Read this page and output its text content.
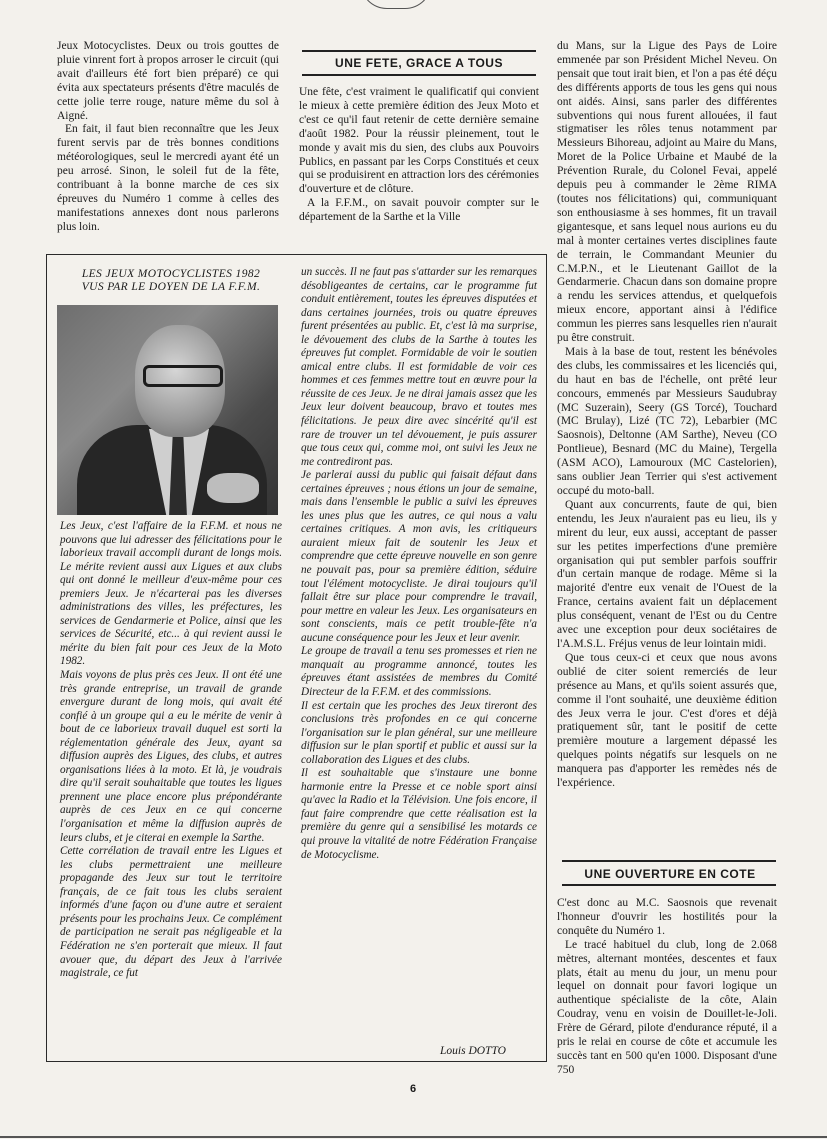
Jeux Motocyclistes. Deux ou trois gouttes de pluie vinrent fort à propos arroser le circuit (qui avait d'ailleurs été fort bien préparé) ce qui évita aux spectateurs présents d'être maculés de cette jolie terre rouge, nature même du sol à Aigné.

En fait, il faut bien reconnaître que les Jeux furent servis par de très bonnes conditions météorologiques, seul le mercredi ayant été un peu arrosé. Sinon, le soleil fut de la fête, contribuant à la bonne marche de ces six épreuves du Numéro 1 comme à celles des manifestations annexes dont nous parlerons plus loin.

UNE FETE, GRACE A TOUS

Une fête, c'est vraiment le qualificatif qui convient le mieux à cette première édition des Jeux Moto et c'est ce qu'il faut retenir de cette dernière semaine d'août 1982. Pour la réussir pleinement, tout le monde y avait mis du sien, des clubs aux Pouvoirs Publics, en passant par les Corps Constitués et ceux qui se produisirent en attraction lors des cérémonies d'ouverture et de clôture.

A la F.F.M., on savait pouvoir compter sur le département de la Sarthe et la Ville

du Mans, sur la Ligue des Pays de Loire emmenée par son Président Michel Neveu. On pensait que tout irait bien, et l'on a pas été déçu des différents apports de tous les gens qui nous ont aidés. Ainsi, sans parler des différentes subventions qui nous furent allouées, il faut stigmatiser les rôles tenus notamment par Messieurs Bihoreau, adjoint au Maire du Mans, Moret de la Police Urbaine et Maubé de la Prévention Rurale, du Colonel Fevai, appelé depuis peu à commander le 2ème RIMA (toutes nos félicitations) qui, communiquant son enthousiasme à ses hommes, fit un travail gigantesque, et sans lequel nous aurions eu du mal à monter certaines vertes disciplines faute de terrain, le Commandant Meunier du C.M.P.N., et le Lieutenant Gaillot de la Gendarmerie. Chacun dans son domaine propre a rendu les services attendus, et quelquefois mieux encore, apportant ainsi à l'édifice commun les pierres sans lesquelles rien n'aurait pu être construit.

Mais à la base de tout, restent les bénévoles des clubs, les commissaires et les licenciés qui, du haut en bas de l'échelle, ont prêté leur concours, emmenés par Messieurs Saudubray (MC Suzerain), Seery (GS Torcé), Touchard (MC Brulay), Lizé (TC 72), Lebarbier (MC Saosnois), Deltonne (AM Sarthe), Neveu (CO Pontlieue), Besnard (MC du Maine), Tergella (ASM ACO), Lamouroux (MC Castelorien), sans oublier Jean Terrier qui s'est activement occupé du moto-ball.

Quant aux concurrents, faute de qui, bien entendu, les Jeux n'auraient pas eu lieu, ils y mirent du leur, eux aussi, acceptant de passer sur les petites imperfections d'une première organisation qui put sembler parfois souffrir d'un certain manque de rodage. Même si la majorité d'entre eux venait de l'Ouest de la France, certains avaient fait un déplacement plus conséquent, venant de l'Est ou du Centre avec une exception pour deux sociétaires de l'A.M.S.L. Fréjus venus de leur lointain midi.

Que tous ceux-ci et ceux que nous avons oublié de citer soient remerciés de leur présence au Mans, et qu'ils soient assurés que, comme il l'ont souhaité, une deuxième édition des Jeux verra le jour. C'est d'ores et déjà pratiquement sûr, tant le positif de cette première mouture a largement dépassé les quelques points négatifs sur lesquels on ne manquera pas d'apporter les remèdes nés de l'expérience.

UNE OUVERTURE EN COTE

C'est donc au M.C. Saosnois que revenait l'honneur d'ouvrir les hostilités pour la conquête du Numéro 1.

Le tracé habituel du club, long de 2.068 mètres, alternant montées, descentes et faux plats, était au menu du jour, un menu pour lequel on donnait pour favori logique un authentique spécialiste de la côte, Alain Coudray, venu en voisin de Douillet-le-Joli. Frère de Gérard, pilote d'endurance réputé, il a pris le relai en course de côte et accumule les succès tant en 500 qu'en 1000. Disposant d'une 750

LES JEUX MOTOCYCLISTES 1982
VUS PAR LE DOYEN DE LA F.F.M.

Les Jeux, c'est l'affaire de la F.F.M. et nous ne pouvons que lui adresser des félicitations pour le laborieux travail accompli durant de longs mois. Le mérite revient aussi aux Ligues et aux clubs qui ont donné le meilleur d'eux-même pour ces premiers Jeux. Je n'écarterai pas les diverses administrations des villes, les préfectures, les services de Gendarmerie et Police, ainsi que les services de Sécurité, etc... à qui revient aussi le mérite du bien fait pour ces Jeux de la Moto 1982.

Mais voyons de plus près ces Jeux. Il ont été une très grande entreprise, un travail de grande envergure durant de long mois, qui avait été confié à un groupe qui a eu le mérite de venir à bout de ce laborieux travail duquel est sorti la réglementation générale des Jeux, ayant sa diffusion auprès des Ligues, des clubs, et autres organisations liées à la moto. Et là, je voudrais dire qu'il serait souhaitable que toutes les ligues prennent une place encore plus prépondérante auprès de ces Jeux en ce qui concerne l'organisation et même la diffusion auprès de leurs clubs, et je citerai en exemple la Sarthe.

Cette corrélation de travail entre les Ligues et les clubs permettraient une meilleure propagande des Jeux sur tout le territoire français, de ce fait tous les clubs seraient informés d'une façon ou d'une autre et seraient présents pour les prochains Jeux. Ce complément de participation ne serait pas négligeable et la Fédération ne s'en porterait que mieux. Il faut avouer que, du départ des Jeux à l'arrivée magistrale, ce fut

un succès. Il ne faut pas s'attarder sur les remarques désobligeantes de certains, car le programme fut conduit entièrement, toutes les épreuves disputées et dans certaines journées, trois ou quatre épreuves furent présentées au public. Et, c'est là ma surprise, le dévouement des clubs de la Sarthe à toutes les épreuves fut complet. Formidable de voir le soutien amical entre clubs. Il est formidable de voir ces hommes et ces femmes mettre tout en œuvre pour la réussite de ces Jeux. Je ne dirai jamais assez que les Jeux leur doivent beaucoup, bravo et toutes mes félicitations. Je peux dire avec sincérité qu'il est rare de trouver un tel dévouement, je puis assurer que tous ceux qui, comme moi, ont suivi les Jeux ne me contrediront pas.

Je parlerai aussi du public qui faisait défaut dans certaines épreuves ; nous étions un jour de semaine, mais dans l'ensemble le public a suivi les épreuves les unes plus que les autres, ce qui nous a valu certaines critiques. A mon avis, les critiqueurs auraient mieux fait de soutenir les Jeux et comprendre que cette épreuve nouvelle en son genre ne pouvait pas, pour sa première édition, séduire tout l'élément motocycliste. Je dirai toujours qu'il fallait être sur place pour comprendre le travail, pour mettre en valeur les Jeux. Les organisateurs en sont conscients, mais ce petit trouble-fête n'a aucune conséquence pour les Jeux et leur avenir.

Le groupe de travail a tenu ses promesses et rien ne manquait au programme annoncé, toutes les épreuves étant assistées de membres du Comité Directeur de la F.F.M. et des commissions.

Il est certain que les proches des Jeux tireront des conclusions très profondes en ce qui concerne l'organisation sur le plan général, sur une meilleure diffusion sur le plan sportif et public et aussi sur la collaboration des Ligues et des clubs.

Il est souhaitable que s'instaure une bonne harmonie entre la Presse et ce noble sport ainsi qu'avec la Radio et la Télévision. Une fois encore, il faut faire comprendre que cette réalisation est la première du genre qui a sensibilisé les motards ce qui prouve la vitalité de notre Fédération Française de Motocyclisme.

Louis DOTTO
6
